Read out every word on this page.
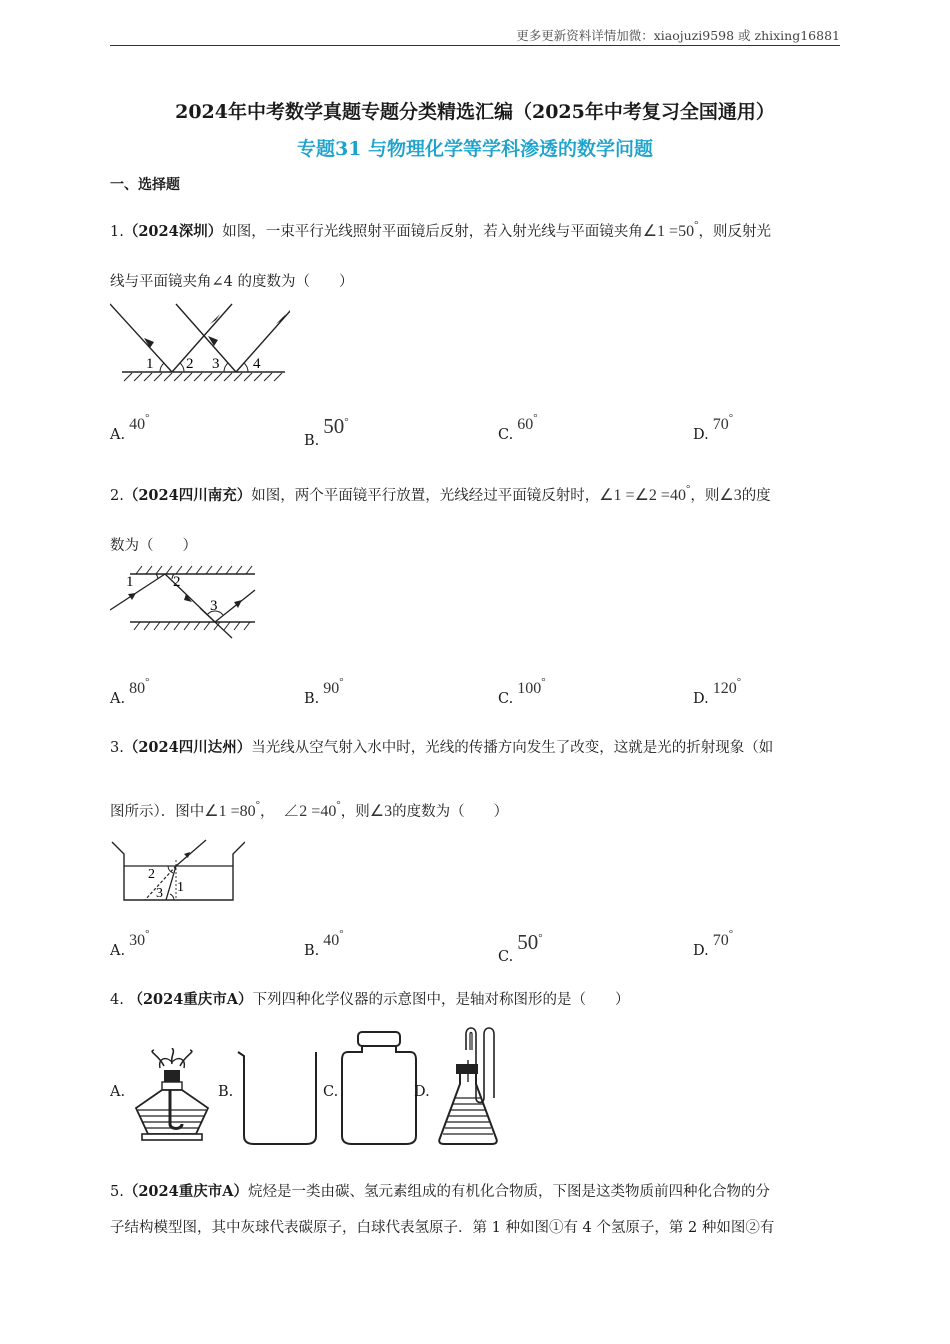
更多更新资料详情加微：xiaojuzi9598 或 zhixing16881
2024年中考数学真题专题分类精选汇编（2025年中考复习全国通用）
专题31 与物理化学等学科渗透的数学问题
一、选择题
1.（2024深圳）如图，一束平行光线照射平面镜后反射，若入射光线与平面镜夹角∠1 =50°，则反射光
线与平面镜夹角∠4 的度数为（　　）
1 2 3 4
A.40°
B.50°
C.60°
D.70°
2.（2024四川南充）如图，两个平面镜平行放置，光线经过平面镜反射时，∠1 =∠2 =40°，则∠3的度
数为（　　）
1	2
3
A.80°
B.90°
C.100°
D.120°
3.（2024四川达州）当光线从空气射入水中时，光线的传播方向发生了改变，这就是光的折射现象（如
图所示）．图中∠1 =80°，　 ∠2 =40°，则∠3的度数为（　　）
2
1
3
A.30°
B.40°
C.50°
D.70°
4. （2024重庆市A）下列四种化学仪器的示意图中，是轴对称图形的是（　　）
A.	B.	C.	D.
5.（2024重庆市A）烷烃是一类由碳、氢元素组成的有机化合物质，下图是这类物质前四种化合物的分
子结构模型图，其中灰球代表碳原子，白球代表氢原子．第 1 种如图①有 4 个氢原子，第 2 种如图②有
